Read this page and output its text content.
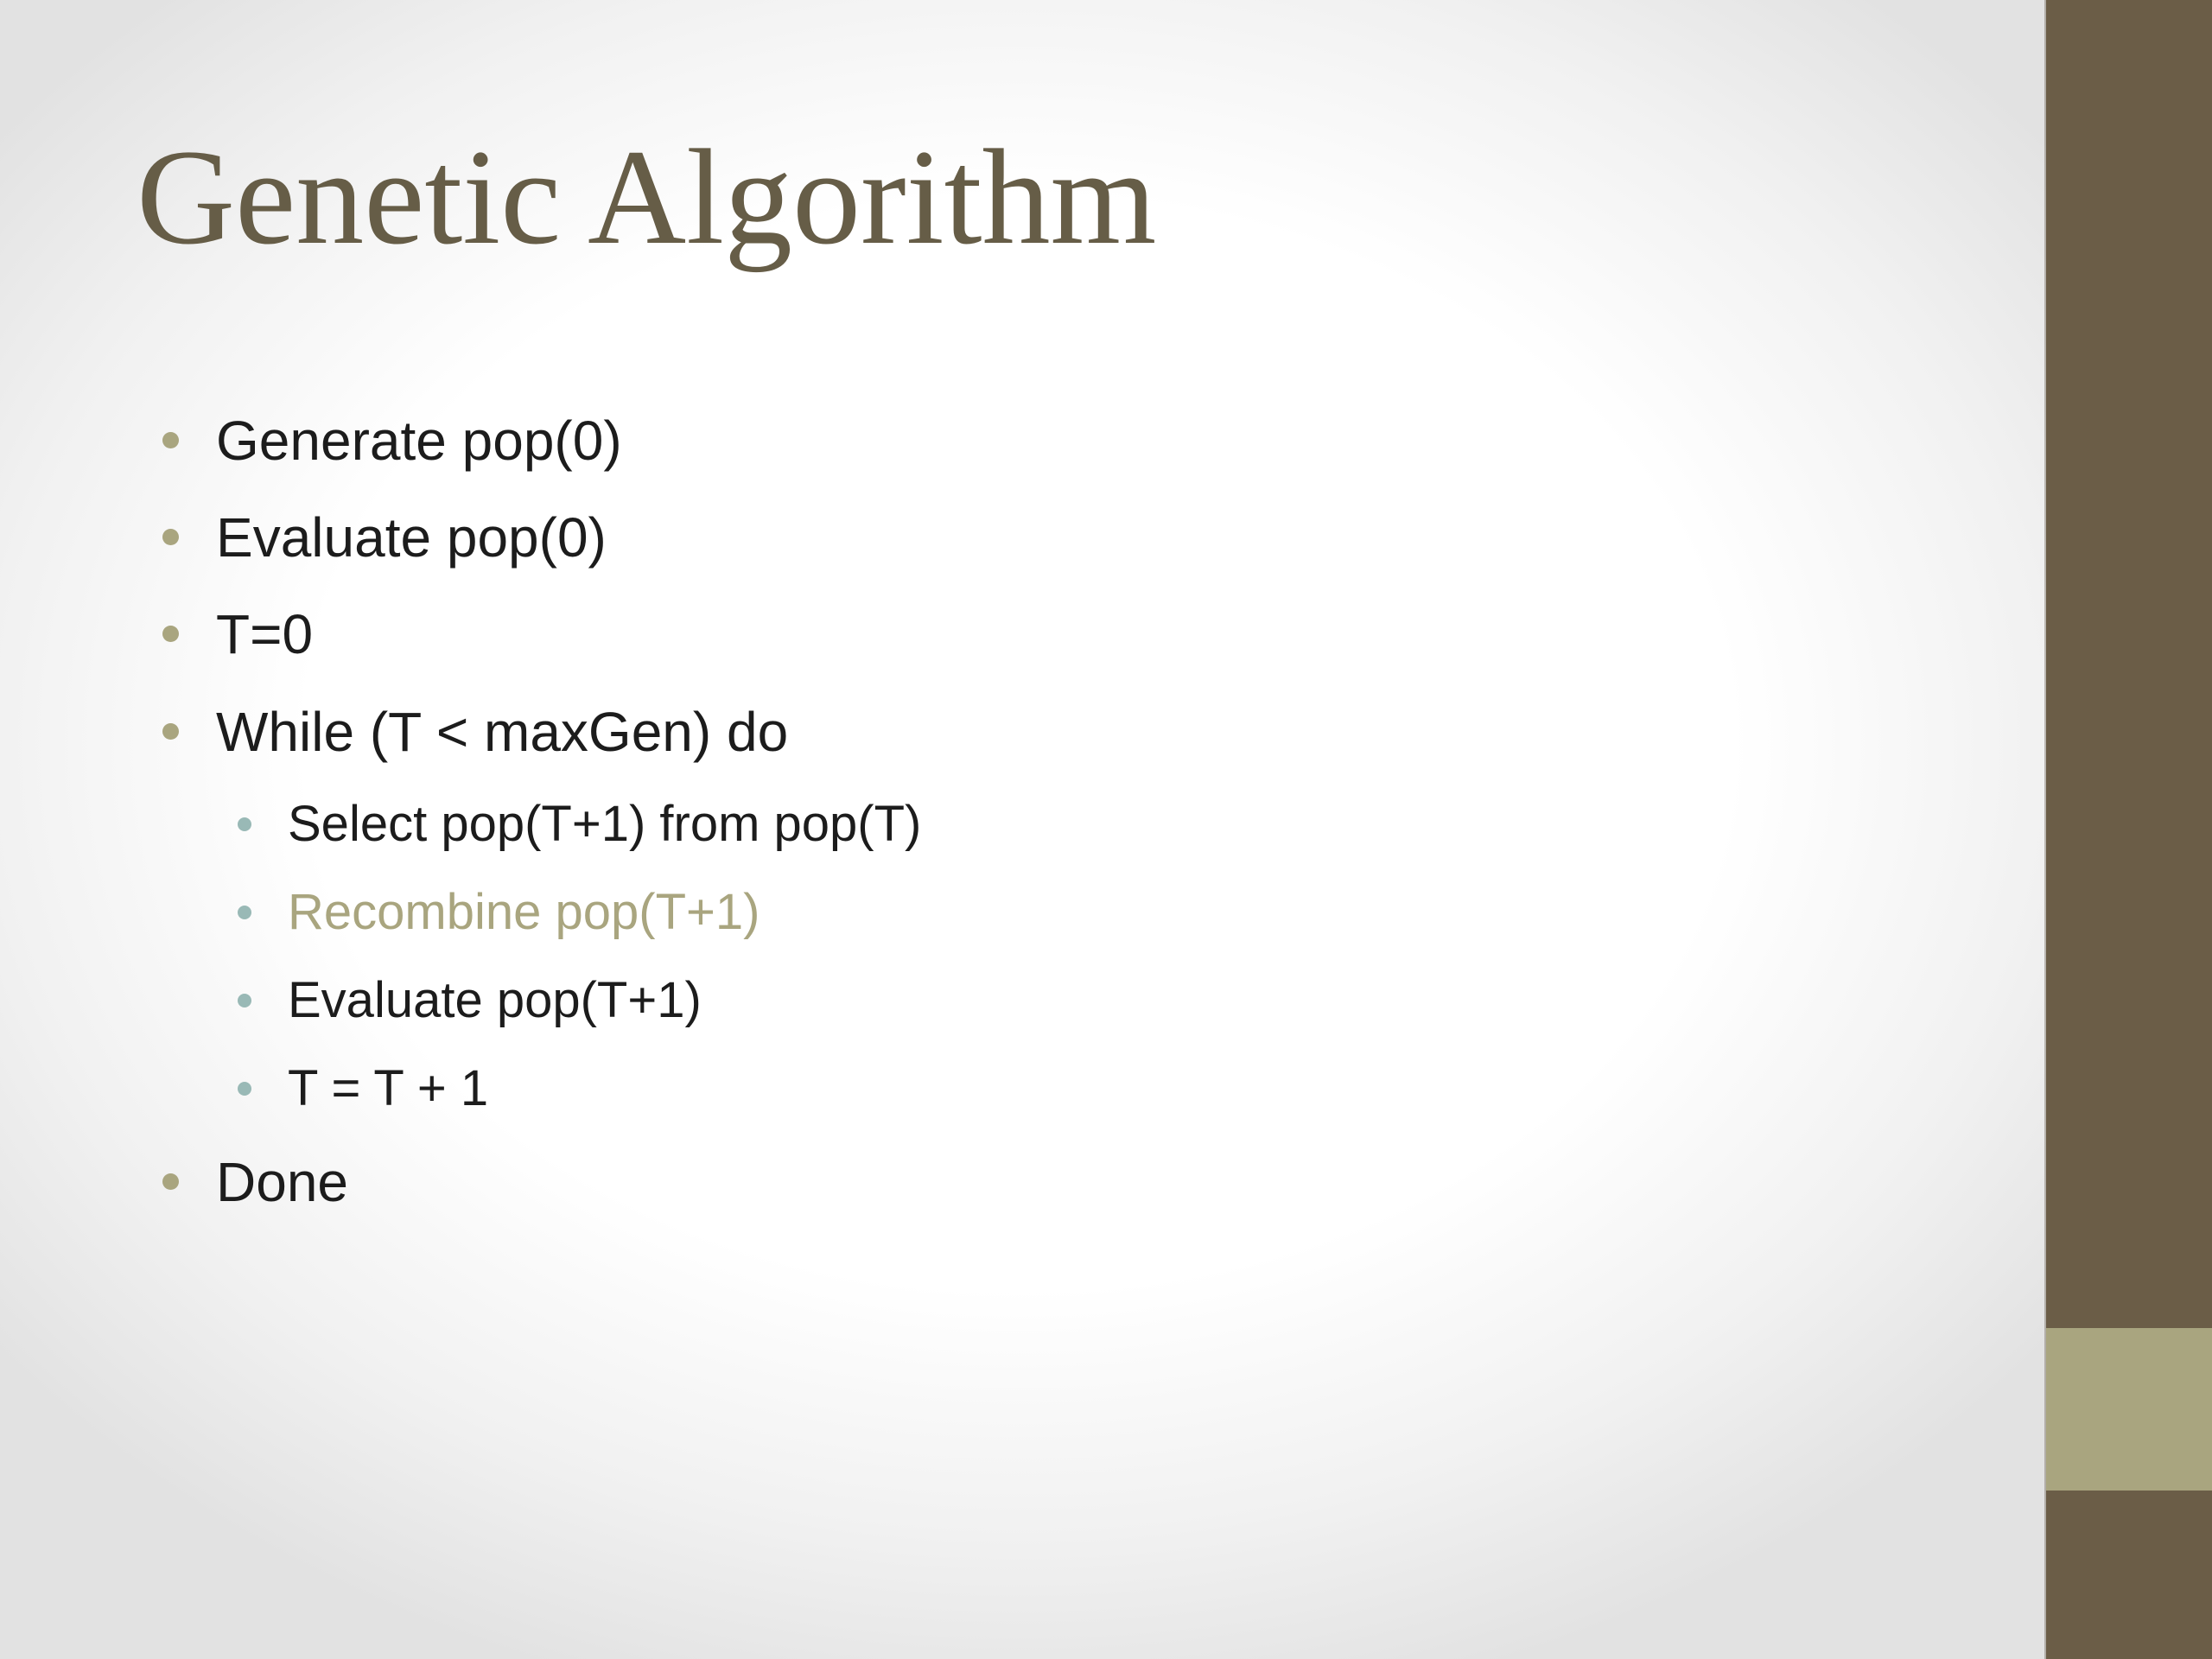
Genetic Algorithm
Generate pop(0)
Evaluate pop(0)
T=0
While (T < maxGen) do
Select pop(T+1) from pop(T)
Recombine pop(T+1)
Evaluate pop(T+1)
T = T + 1
Done
